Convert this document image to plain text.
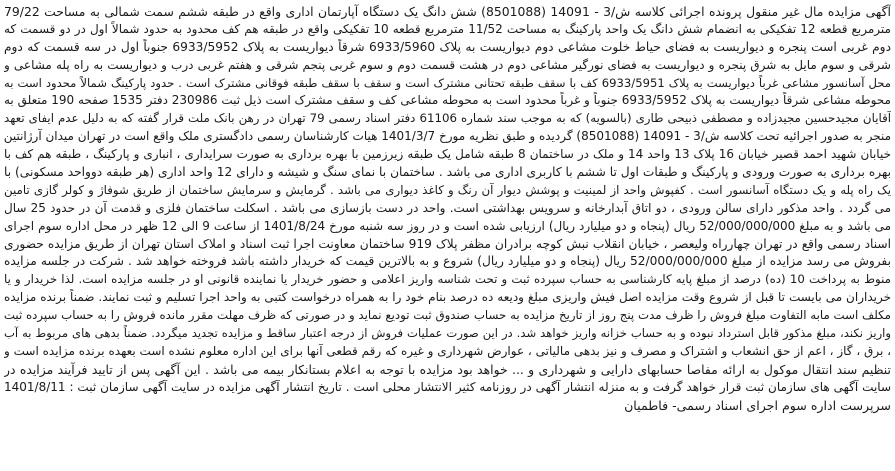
آگهی مزایده مال غیر منقول پرونده اجرائی کلاسه ش/3 - 14091 (8501088) شش دانگ یک دستگاه آپارتمان اداری واقع در طبقه ششم سمت شمالی به مساحت 79/22
مترمربع قطعه 12 تفکیکی به انضمام شش دانگ یک واحد پارکینگ به مساحت 11/52 مترمربع قطعه 10 تفکیکی واقع در طبقه هم کف محدود به حدود شمالاً اول در دو قسمت که
دوم غربی است پنجره و دیواریست به فضای حیاط خلوت مشاعی دوم دیواریست به پلاک 6933/5960 شرقاً دیواریست به پلاک 6933/5952 جنوباً اول در سه قسمت که دوم
شرقی و سوم مایل به شرق پنجره و دیواریست به فضای نورگیر مشاعی دوم در هشت قسمت دوم و سوم غربی پنجم شرقی و هفتم غربی درب و دیواریست به راه پله مشاعی و
محل آسانسور مشاعی غرباً دیواریست به پلاک 6933/5951 کف با سقف طبقه تحتانی مشترک است و سقف با سقف طبقه فوقانی مشترک است . حدود پارکینگ شمالاً محدود است به
محوطه مشاعی شرقاً دیواریست به پلاک 6933/5952 جنوباً و غرباً محدود است به محوطه مشاعی کف و سقف مشترک است ذیل ثبت 230986 دفتر 1535 صفحه 190 متعلق به
آقایان مجیدحسین مجیدزاده و مصطفی ذبیحی طاری (بالسویه) که به موجب سند شماره 61106 دفتر اسناد رسمی 79 تهران در رهن بانک ملت قرار گفته که به دلیل عدم ایفای تعهد
منجر به صدور اجرائیه تحت کلاسه ش/3 - 14091 (8501088) گردیده و طبق نظریه مورخ 1401/3/7 هیات کارشناسان رسمی دادگستری ملک واقع است در تهران میدان آرژانتین
خیابان شهید احمد قصیر خیابان 16 پلاک 13 واحد 14 و ملک در ساختمان 8 طبقه شامل یک طبقه زیرزمین با بهره برداری به صورت سرایداری ، انباری و پارکینگ ، طبقه هم کف با
بهره برداری به صورت ورودی و پارکینگ و طبقات اول تا ششم با کاربری اداری می باشد . ساختمان با نمای سنگ و شیشه و دارای 12 واحد اداری (هر طبقه دوواحد مسکونی) با
یک راه پله و یک دستگاه آسانسور است . کفپوش واحد از لمینیت و پوشش دیوار آن رنگ و کاغذ دیواری می باشد . گرمایش و سرمایش ساختمان از طریق شوفاژ و کولر گازی تامین
می گردد . واحد مذکور دارای سالن ورودی ، دو اتاق آبدارخانه و سرویس بهداشتی است. واحد در دست بازسازی می باشد . اسکلت ساختمان فلزی و قدمت آن در حدود 25 سال
می باشد و به مبلغ 52/000/000/000 ریال (پنجاه و دو میلیارد ریال) ارزیابی شده است و در روز سه شنبه مورخ 1401/8/24 از ساعت 9 الی 12 ظهر در محل اداره سوم اجرای
اسناد رسمی واقع در تهران چهارراه ولیعصر ، خیابان انقلاب نبش کوچه برادران مظفر پلاک 919 ساختمان معاونت اجرا ثبت اسناد و املاک استان تهران از طریق مزایده حضوری
بفروش می رسد مزایده از مبلغ 52/000/000/000 ریال (پنجاه و دو میلیارد ریال) شروع و به بالاترین قیمت که خریدار داشته باشد فروخته خواهد شد . شرکت در جلسه مزایده
منوط به پرداخت 10 (ده) درصد از مبلغ پایه کارشناسی به حساب سپرده ثبت و تحت شناسه واریز اعلامی و حضور خریدار یا نماینده قانونی او در جلسه مزایده است. لذا خریدار و یا
خریداران می بایست تا قبل از شروع وقت مزایده اصل فیش واریزی مبلغ ودیعه ده درصد بنام خود را به همراه درخواست کتبی به واحد اجرا تسلیم و ثبت نمایند. ضمناً برنده مزایده
مکلف است مابه التفاوت مبلغ فروش را ظرف مدت پنج روز از تاریخ مزایده به حساب صندوق ثبت توديع نماید و در صورتی که ظرف مهلت مقرر مانده فروش را به حساب سپرده ثبت
واریز نکند، مبلغ مذکور قابل استرداد نبوده و به حساب خزانه واریز خواهد شد. در این صورت عملیات فروش از درجه اعتبار ساقط و مزایده تجدید میگردد. ضمناً بدهی های مربوط به آب
، برق ، گاز ، اعم از حق انشعاب و اشتراک و مصرف و نیز بدهی مالیاتی ، عوارض شهرداری و غیره که رقم قطعی آنها برای این اداره معلوم نشده است بعهده برنده مزایده است و
تنظیم سند انتقال موکول به ارائه مفاصا حسابهای دارایی و شهرداری و ... خواهد بود مزایده با توجه به اعلام بستانکار بیمه می باشد . این آگهی پس از تایید فرآیند مزایده در
سایت آگهی های سازمان ثبت قرار خواهد گرفت و به منزله انتشار آگهی در روزنامه کثیر الانتشار محلی است . تاریخ انتشار آگهی مزایده در سایت آگهی سازمان ثبت : 1401/8/11
سرپرست اداره سوم اجرای اسناد رسمی- فاطمیان
